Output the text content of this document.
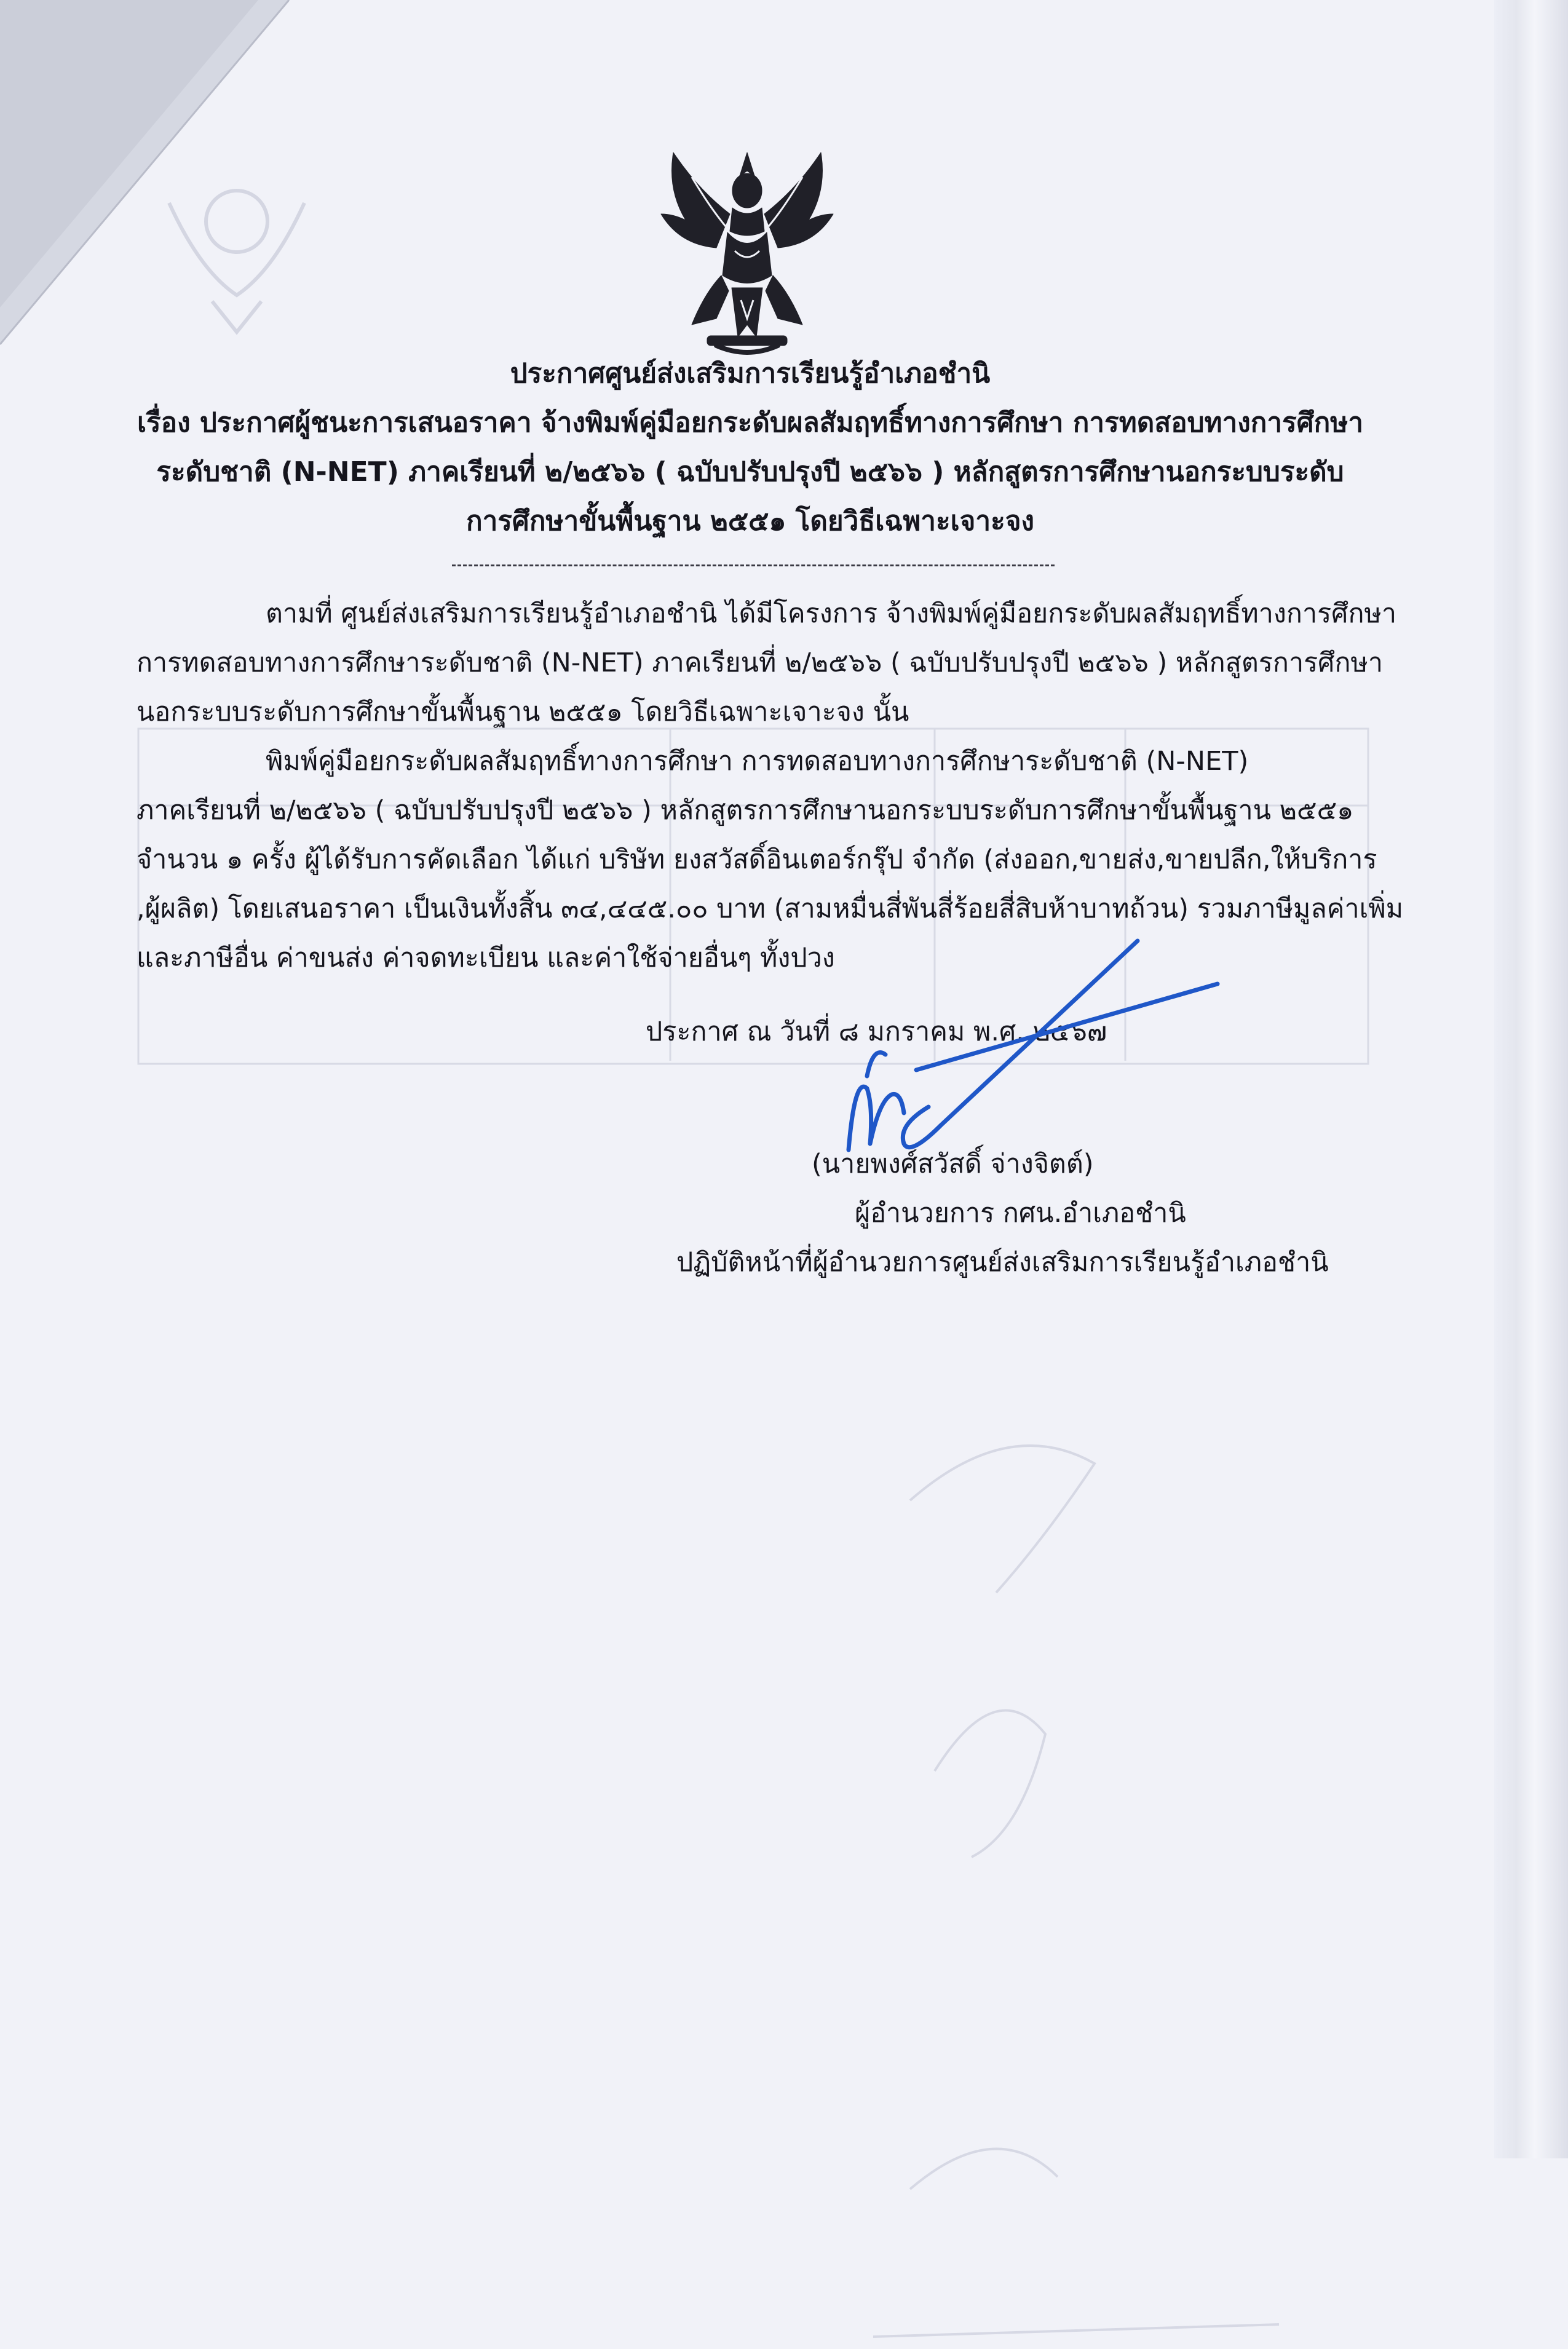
ประกาศศูนย์ส่งเสริมการเรียนรู้อำเภอชำนิ
เรื่อง ประกาศผู้ชนะการเสนอราคา จ้างพิมพ์คู่มือยกระดับผลสัมฤทธิ์ทางการศึกษา การทดสอบทางการศึกษา
ระดับชาติ (N-NET) ภาคเรียนที่ ๒/๒๕๖๖ ( ฉบับปรับปรุงปี ๒๕๖๖ ) หลักสูตรการศึกษานอกระบบระดับ
การศึกษาขั้นพื้นฐาน ๒๕๕๑ โดยวิธีเฉพาะเจาะจง
ตามที่ ศูนย์ส่งเสริมการเรียนรู้อำเภอชำนิ ได้มีโครงการ จ้างพิมพ์คู่มือยกระดับผลสัมฤทธิ์ทางการศึกษา
การทดสอบทางการศึกษาระดับชาติ (N-NET) ภาคเรียนที่ ๒/๒๕๖๖ ( ฉบับปรับปรุงปี ๒๕๖๖ ) หลักสูตรการศึกษา
นอกระบบระดับการศึกษาขั้นพื้นฐาน ๒๕๕๑ โดยวิธีเฉพาะเจาะจง นั้น
พิมพ์คู่มือยกระดับผลสัมฤทธิ์ทางการศึกษา การทดสอบทางการศึกษาระดับชาติ (N-NET)
ภาคเรียนที่ ๒/๒๕๖๖ ( ฉบับปรับปรุงปี ๒๕๖๖ ) หลักสูตรการศึกษานอกระบบระดับการศึกษาขั้นพื้นฐาน ๒๕๕๑
จำนวน ๑ ครั้ง ผู้ได้รับการคัดเลือก ได้แก่ บริษัท ยงสวัสดิ์อินเตอร์กรุ๊ป จำกัด (ส่งออก,ขายส่ง,ขายปลีก,ให้บริการ
,ผู้ผลิต) โดยเสนอราคา เป็นเงินทั้งสิ้น ๓๔,๔๔๕.๐๐ บาท (สามหมื่นสี่พันสี่ร้อยสี่สิบห้าบาทถ้วน) รวมภาษีมูลค่าเพิ่ม
และภาษีอื่น ค่าขนส่ง ค่าจดทะเบียน และค่าใช้จ่ายอื่นๆ ทั้งปวง
ประกาศ ณ วันที่ ๘ มกราคม พ.ศ. ๒๕๖๗
(นายพงศ์สวัสดิ์ จ่างจิตต์)
ผู้อำนวยการ กศน.อำเภอชำนิ
ปฏิบัติหน้าที่ผู้อำนวยการศูนย์ส่งเสริมการเรียนรู้อำเภอชำนิ
